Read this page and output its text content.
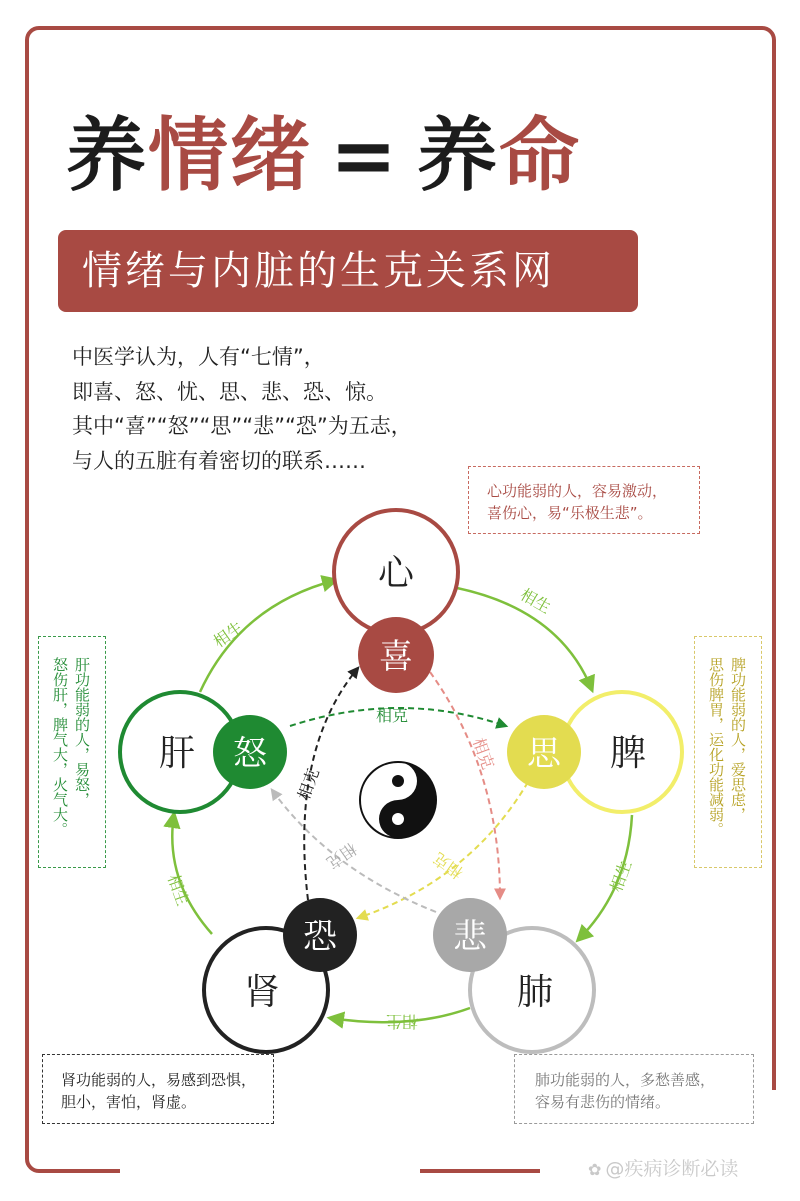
养情绪 = 养命
情绪与内脏的生克关系网
中医学认为，人有“七情”，
即喜、怒、忧、思、悲、恐、惊。
其中“喜”“怒”“思”“悲”“恐”为五志，
与人的五脏有着密切的联系……
心功能弱的人，容易激动，
喜伤心，易“乐极生悲”。
肝功能弱的人，易怒，
怒伤肝，脾气大，火气大。	脾功能弱的人，爱思虑，
思伤脾胃，运化功能减弱。
肾功能弱的人，易感到恐惧，
胆小，害怕，肾虚。
肺功能弱的人，多愁善感，
容易有悲伤的情绪。
相生
相生
相生
相生
相生
相克
相克
相克
相克
相克
心
喜
脾
思
肺
悲
肾
恐
肝 怒
✿ @疾病诊断必读
